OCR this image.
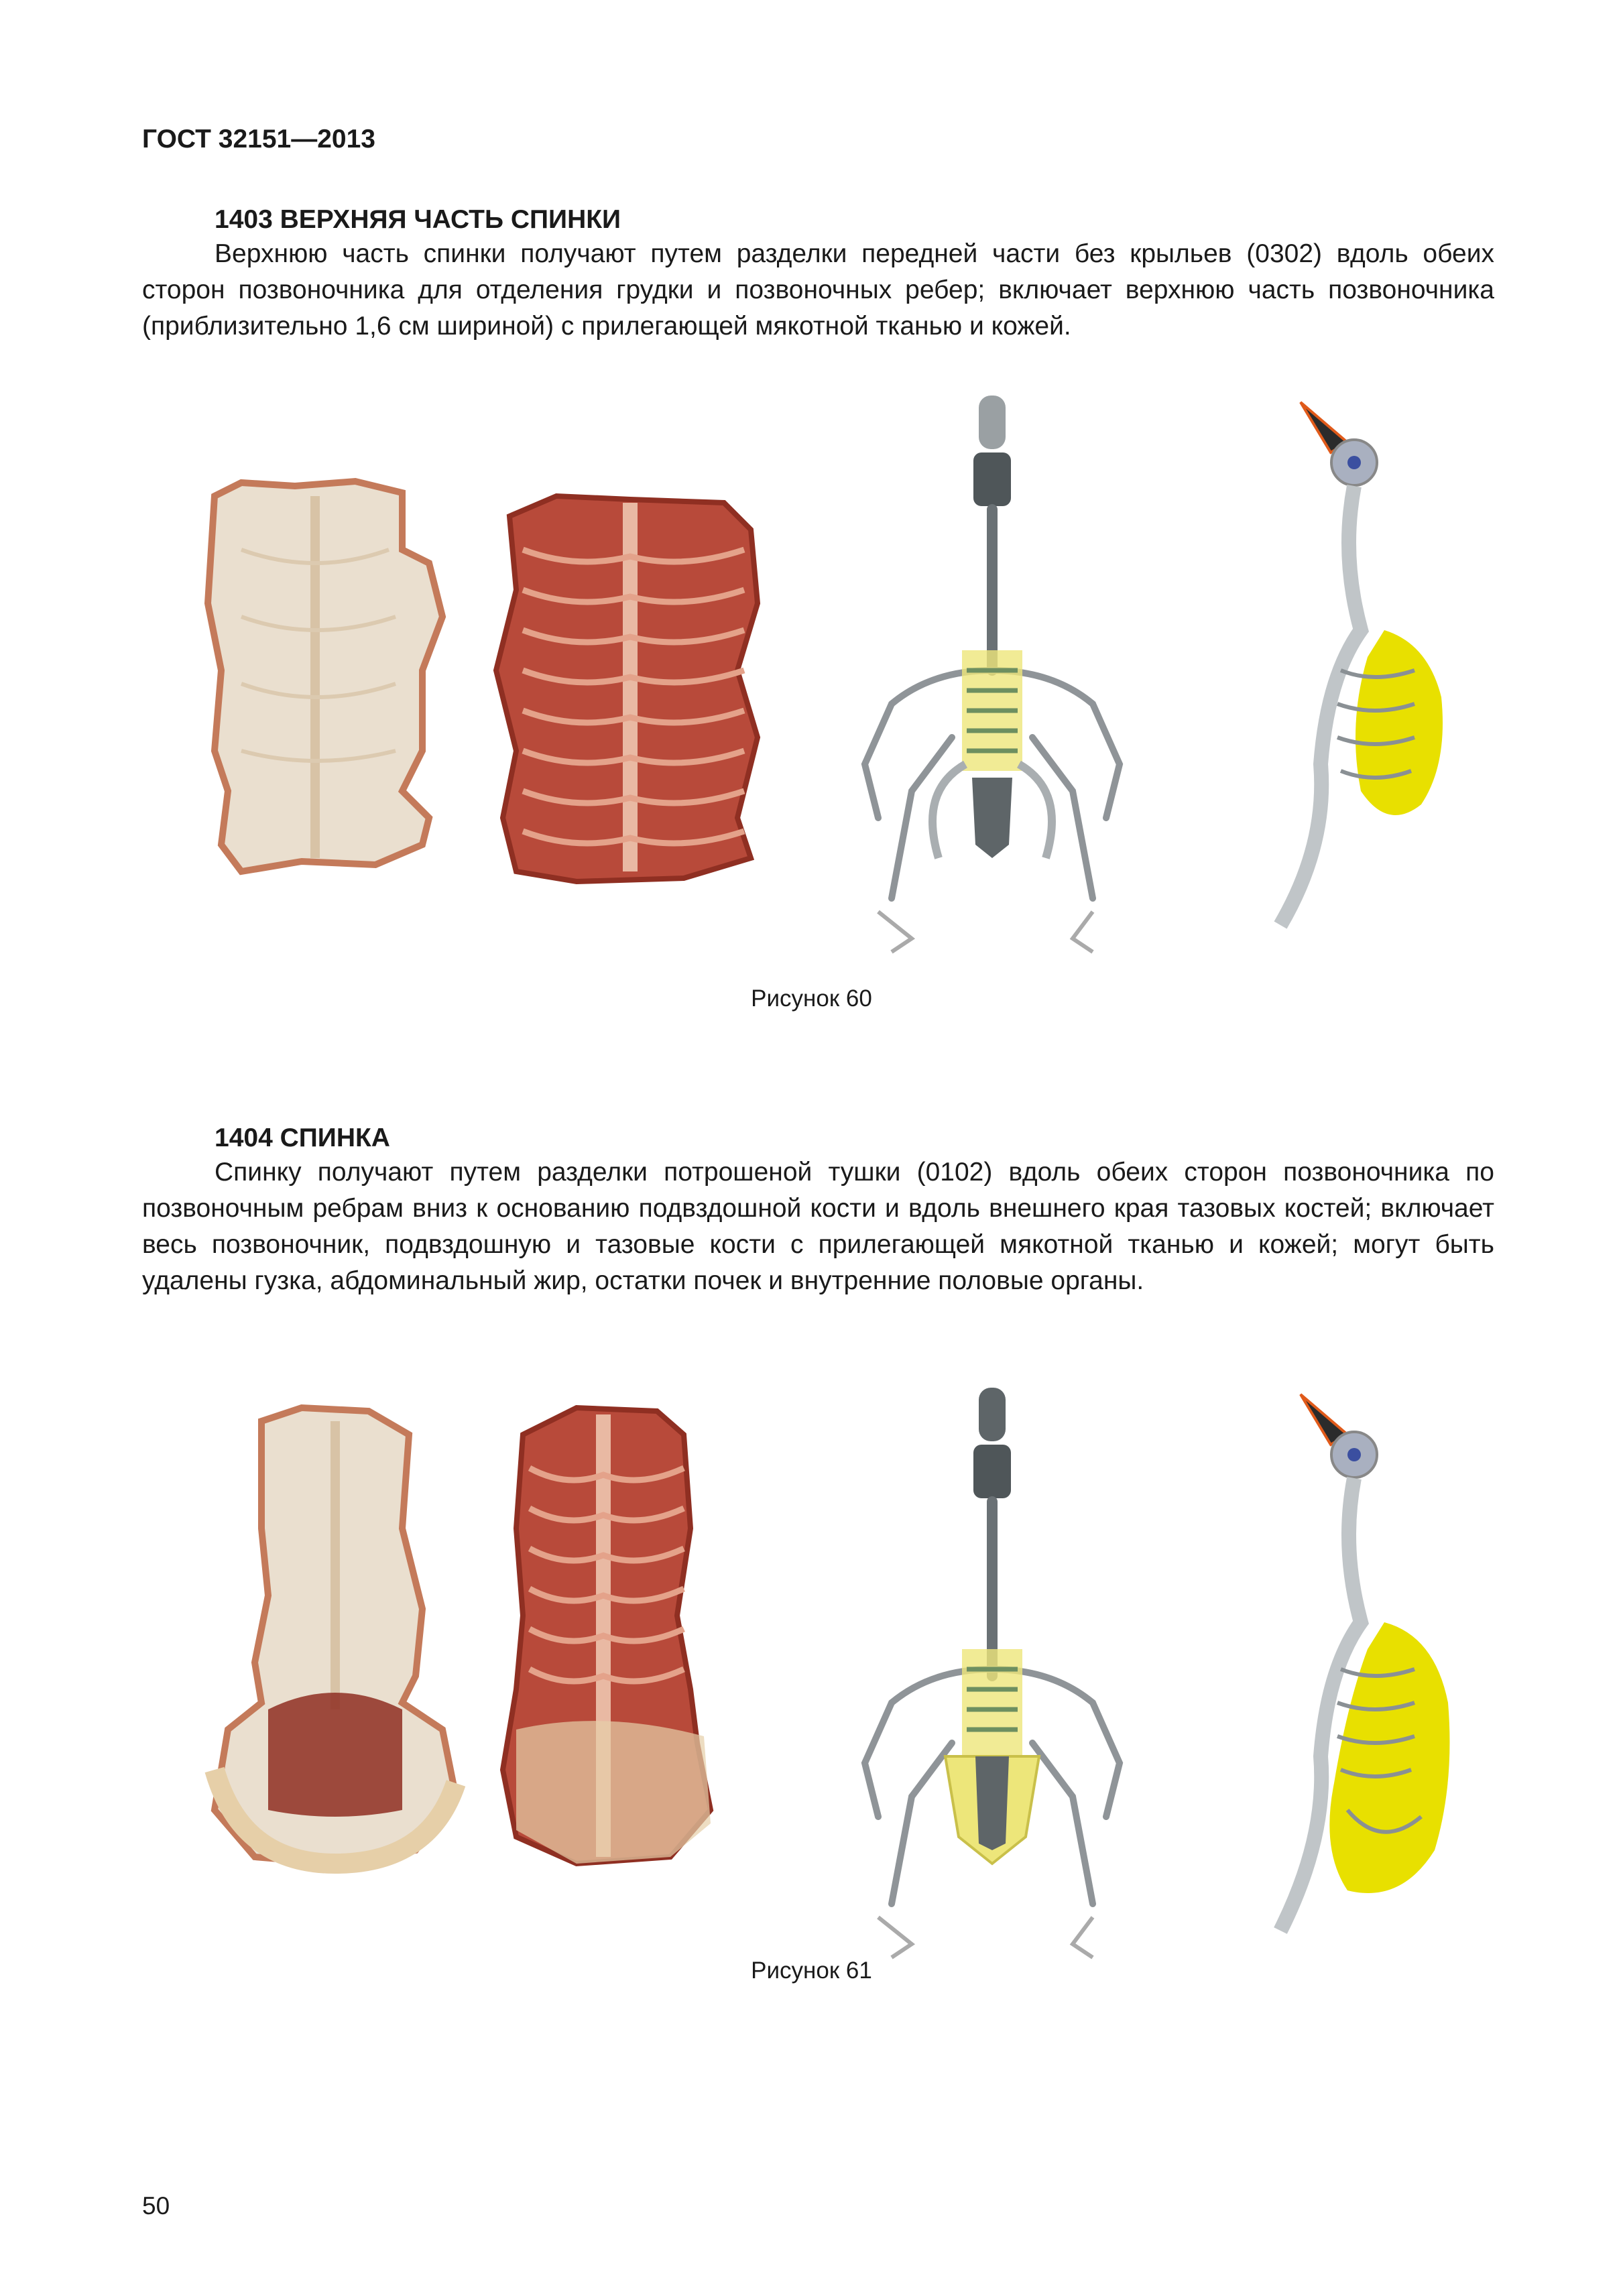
ГОСТ 32151—2013
1403 ВЕРХНЯЯ ЧАСТЬ СПИНКИ

Верхнюю часть спинки получают путем разделки передней части без крыльев (0302) вдоль обеих сторон позвоночника для отделения грудки и позвоночных ребер; включает верхнюю часть позвоночника (приблизительно 1,6 см шириной) с прилегающей мякотной тканью и кожей.

Рисунок 60
1404 СПИНКА

Спинку получают путем разделки потрошеной тушки (0102) вдоль обеих сторон позвоночника по позвоночным ребрам вниз к основанию подвздошной кости и вдоль внешнего края тазовых костей; включает весь позвоночник, подвздошную и тазовые кости с прилегающей мякотной тканью и кожей; могут быть удалены гузка, абдоминальный жир, остатки почек и внутренние половые органы.

Рисунок 61
50
